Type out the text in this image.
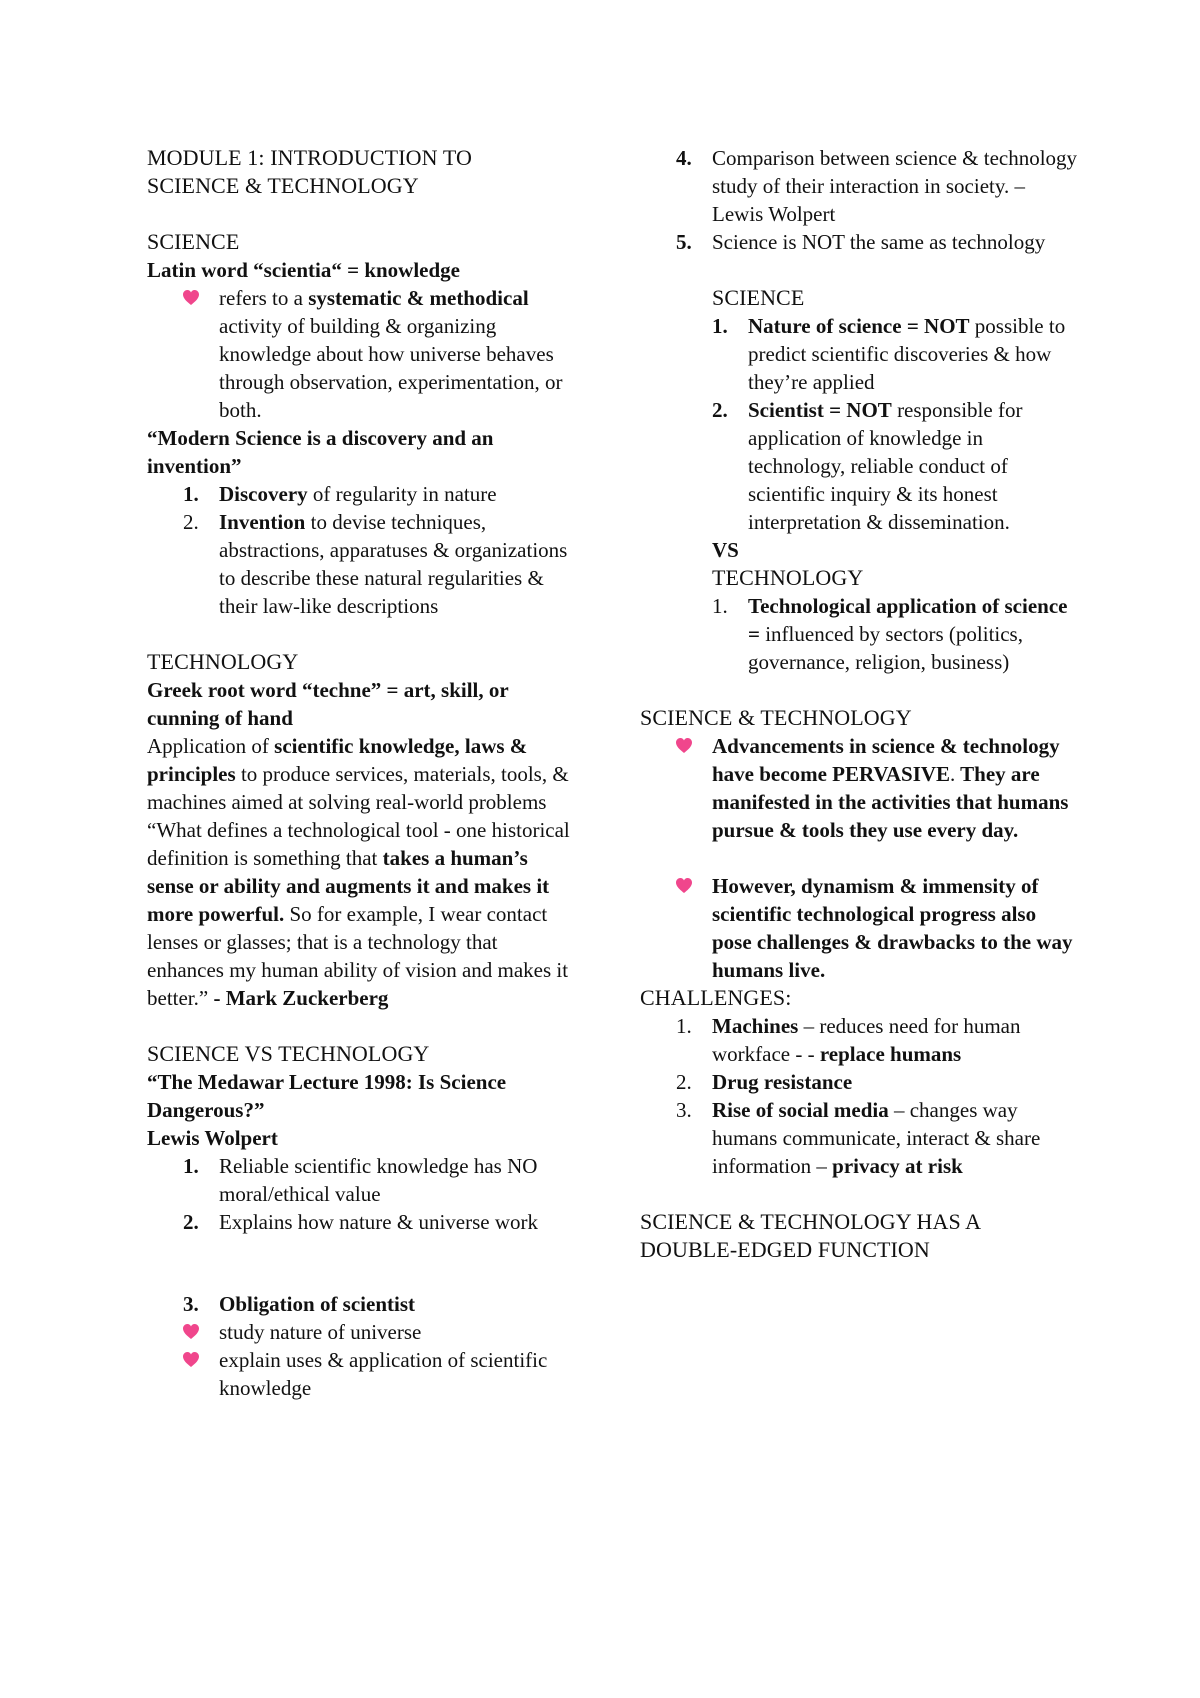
MODULE 1: INTRODUCTION TO
SCIENCE & TECHNOLOGY
SCIENCE

Latin word “scientia“ = knowledge

refers to a systematic & methodical activity of building & organizing knowledge about how universe behaves through observation, experimentation, or both.

“Modern Science is a discovery and an invention”

1. Discovery of regularity in nature
2. Invention to devise techniques, abstractions, apparatuses & organizations to describe these natural regularities & their law-like descriptions
TECHNOLOGY

Greek root word “techne” = art, skill, or cunning of hand

Application of scientific knowledge, laws & principles to produce services, materials, tools, & machines aimed at solving real-world problems

“What defines a technological tool - one historical definition is something that takes a human’s sense or ability and augments it and makes it more powerful. So for example, I wear contact lenses or glasses; that is a technology that enhances my human ability of vision and makes it better.” - Mark Zuckerberg

SCIENCE VS TECHNOLOGY

“The Medawar Lecture 1998: Is Science Dangerous?”

Lewis Wolpert

1. Reliable scientific knowledge has NO moral/ethical value
2. Explains how nature & universe work
3. Obligation of scientist
study nature of universe
explain uses & application of scientific knowledge
4. Comparison between science & technology study of their interaction in society. – Lewis Wolpert
5. Science is NOT the same as technology
SCIENCE
1. Nature of science = NOT possible to predict scientific discoveries & how they’re applied
2. Scientist = NOT responsible for application of knowledge in technology, reliable conduct of scientific inquiry & its honest interpretation & dissemination.

VS

TECHNOLOGY
1. Technological application of science = influenced by sectors (politics, governance, religion, business)
SCIENCE & TECHNOLOGY
Advancements in science & technology have become PERVASIVE. They are manifested in the activities that humans pursue & tools they use every day.
However, dynamism & immensity of scientific technological progress also pose challenges & drawbacks to the way humans live.
CHALLENGES:
1. Machines – reduces need for human workface - - replace humans
2. Drug resistance
3. Rise of social media – changes way humans communicate, interact & share information – privacy at risk
SCIENCE & TECHNOLOGY HAS A DOUBLE-EDGED FUNCTION
